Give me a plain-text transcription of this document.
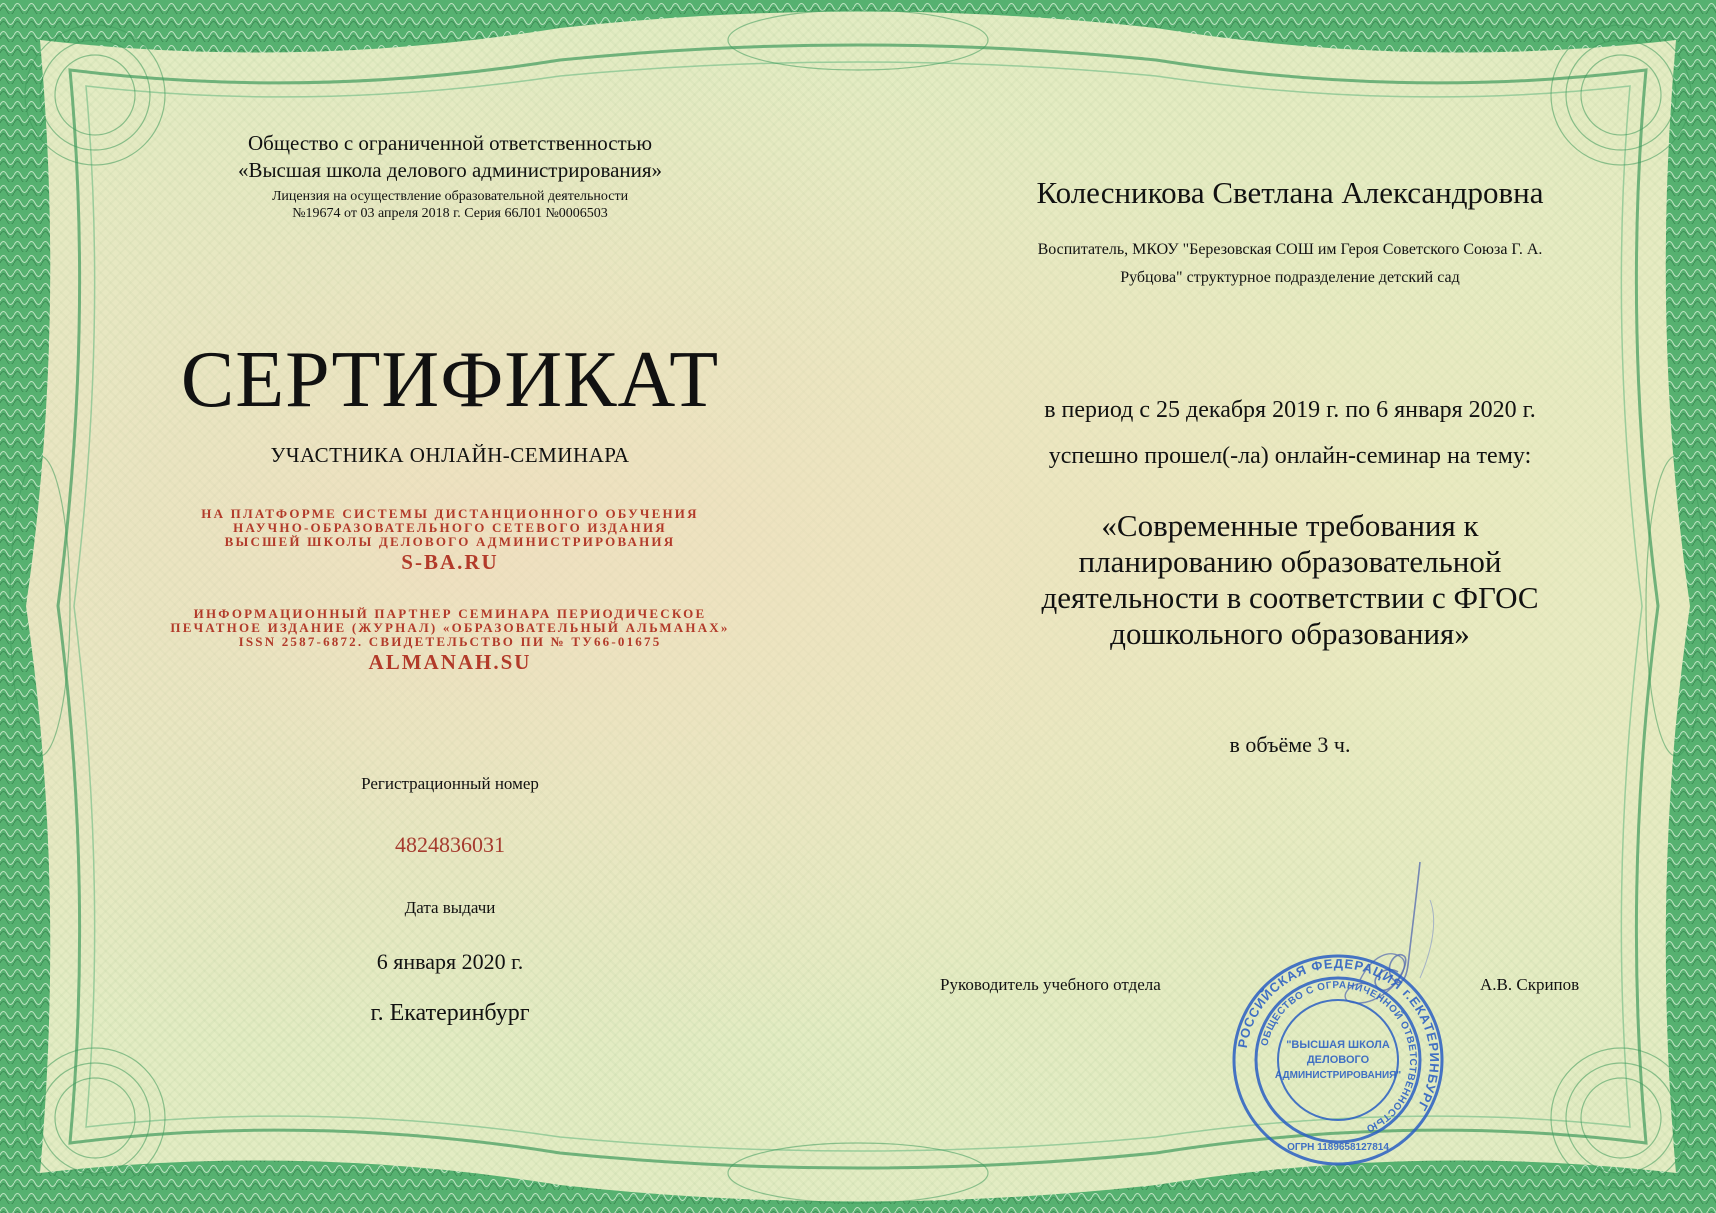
Общество с ограниченной ответственностью
«Высшая школа делового администрирования»
Лицензия на осуществление образовательной деятельности
№19674 от 03 апреля 2018 г. Серия 66Л01 №0006503
СЕРТИФИКАТ
УЧАСТНИКА ОНЛАЙН-СЕМИНАРА
НА ПЛАТФОРМЕ СИСТЕМЫ ДИСТАНЦИОННОГО ОБУЧЕНИЯ
НАУЧНО-ОБРАЗОВАТЕЛЬНОГО СЕТЕВОГО ИЗДАНИЯ
ВЫСШЕЙ ШКОЛЫ ДЕЛОВОГО АДМИНИСТРИРОВАНИЯ
S-BA.RU
ИНФОРМАЦИОННЫЙ ПАРТНЕР СЕМИНАРА ПЕРИОДИЧЕСКОЕ
ПЕЧАТНОЕ ИЗДАНИЕ (ЖУРНАЛ) «ОБРАЗОВАТЕЛЬНЫЙ АЛЬМАНАХ»
ISSN 2587-6872. СВИДЕТЕЛЬСТВО ПИ № ТУ66-01675
ALMANAH.SU
Регистрационный номер
4824836031
Дата выдачи
6 января 2020 г.
г. Екатеринбург
Колесникова Светлана Александровна
Воспитатель, МКОУ "Березовская СОШ им Героя Советского Союза Г. А.
Рубцова" структурное подразделение детский сад
в период с 25 декабря 2019 г. по 6 января 2020 г.
успешно прошел(-ла) онлайн-семинар на тему:
«Современные требования к
планированию образовательной
деятельности в соответствии с ФГОС
дошкольного образования»
в объёме 3 ч.
Руководитель учебного отдела	А.В. Скрипов
РОССИЙСКАЯ ФЕДЕРАЦИЯ г.ЕКАТЕРИНБУРГ
ОБЩЕСТВО С ОГРАНИЧЕННОЙ ОТВЕТСТВЕННОСТЬЮ
"ВЫСШАЯ ШКОЛА
ДЕЛОВОГО
АДМИНИСТРИРОВАНИЯ"
ОГРН 1189658127814
